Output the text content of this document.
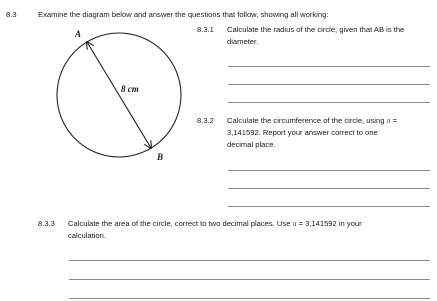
8.3	Examine the diagram below and answer the questions that follow, showing all working:
A
B
8 cm
8.3.1 Calculate the radius of the circle, given that AB is the
diameter.
8.3.2 Calculate the circumference of the circle, using π =
3,141592. Report your answer correct to one
decimal place.
8.3.3 Calculate the area of the circle, correct to two decimal places. Use π = 3,141592 in your
calculation.
